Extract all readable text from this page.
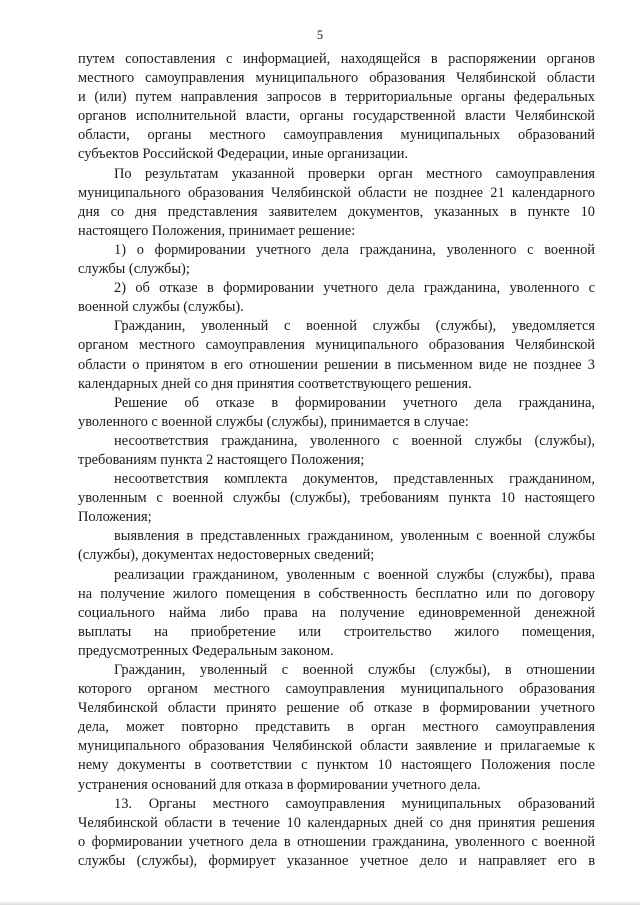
5
путем сопоставления с информацией, находящейся в распоряжении органов
местного самоуправления муниципального образования Челябинской области
и (или) путем направления запросов в территориальные органы федеральных
органов исполнительной власти, органы государственной власти Челябинской
области, органы местного самоуправления муниципальных образований
субъектов Российской Федерации, иные организации.
По результатам указанной проверки орган местного самоуправления
муниципального образования Челябинской области не позднее 21 календарного
дня со дня представления заявителем документов, указанных в пункте 10
настоящего Положения, принимает решение:
1) о формировании учетного дела гражданина, уволенного с военной
службы (службы);
2) об отказе в формировании учетного дела гражданина, уволенного с
военной службы (службы).
Гражданин, уволенный с военной службы (службы), уведомляется
органом местного самоуправления муниципального образования Челябинской
области о принятом в его отношении решении в письменном виде не позднее 3
календарных дней со дня принятия соответствующего решения.
Решение об отказе в формировании учетного дела гражданина,
уволенного с военной службы (службы), принимается в случае:
несоответствия гражданина, уволенного с военной службы (службы),
требованиям пункта 2 настоящего Положения;
несоответствия комплекта документов, представленных гражданином,
уволенным с военной службы (службы), требованиям пункта 10 настоящего
Положения;
выявления в представленных гражданином, уволенным с военной службы
(службы), документах недостоверных сведений;
реализации гражданином, уволенным с военной службы (службы), права
на получение жилого помещения в собственность бесплатно или по договору
социального найма либо права на получение единовременной денежной
выплаты на приобретение или строительство жилого помещения,
предусмотренных Федеральным законом.
Гражданин, уволенный с военной службы (службы), в отношении
которого органом местного самоуправления муниципального образования
Челябинской области принято решение об отказе в формировании учетного
дела, может повторно представить в орган местного самоуправления
муниципального образования Челябинской области заявление и прилагаемые к
нему документы в соответствии с пунктом 10 настоящего Положения после
устранения оснований для отказа в формировании учетного дела.
13. Органы местного самоуправления муниципальных образований
Челябинской области в течение 10 календарных дней со дня принятия решения
о формировании учетного дела в отношении гражданина, уволенного с военной
службы (службы), формирует указанное учетное дело и направляет его в
